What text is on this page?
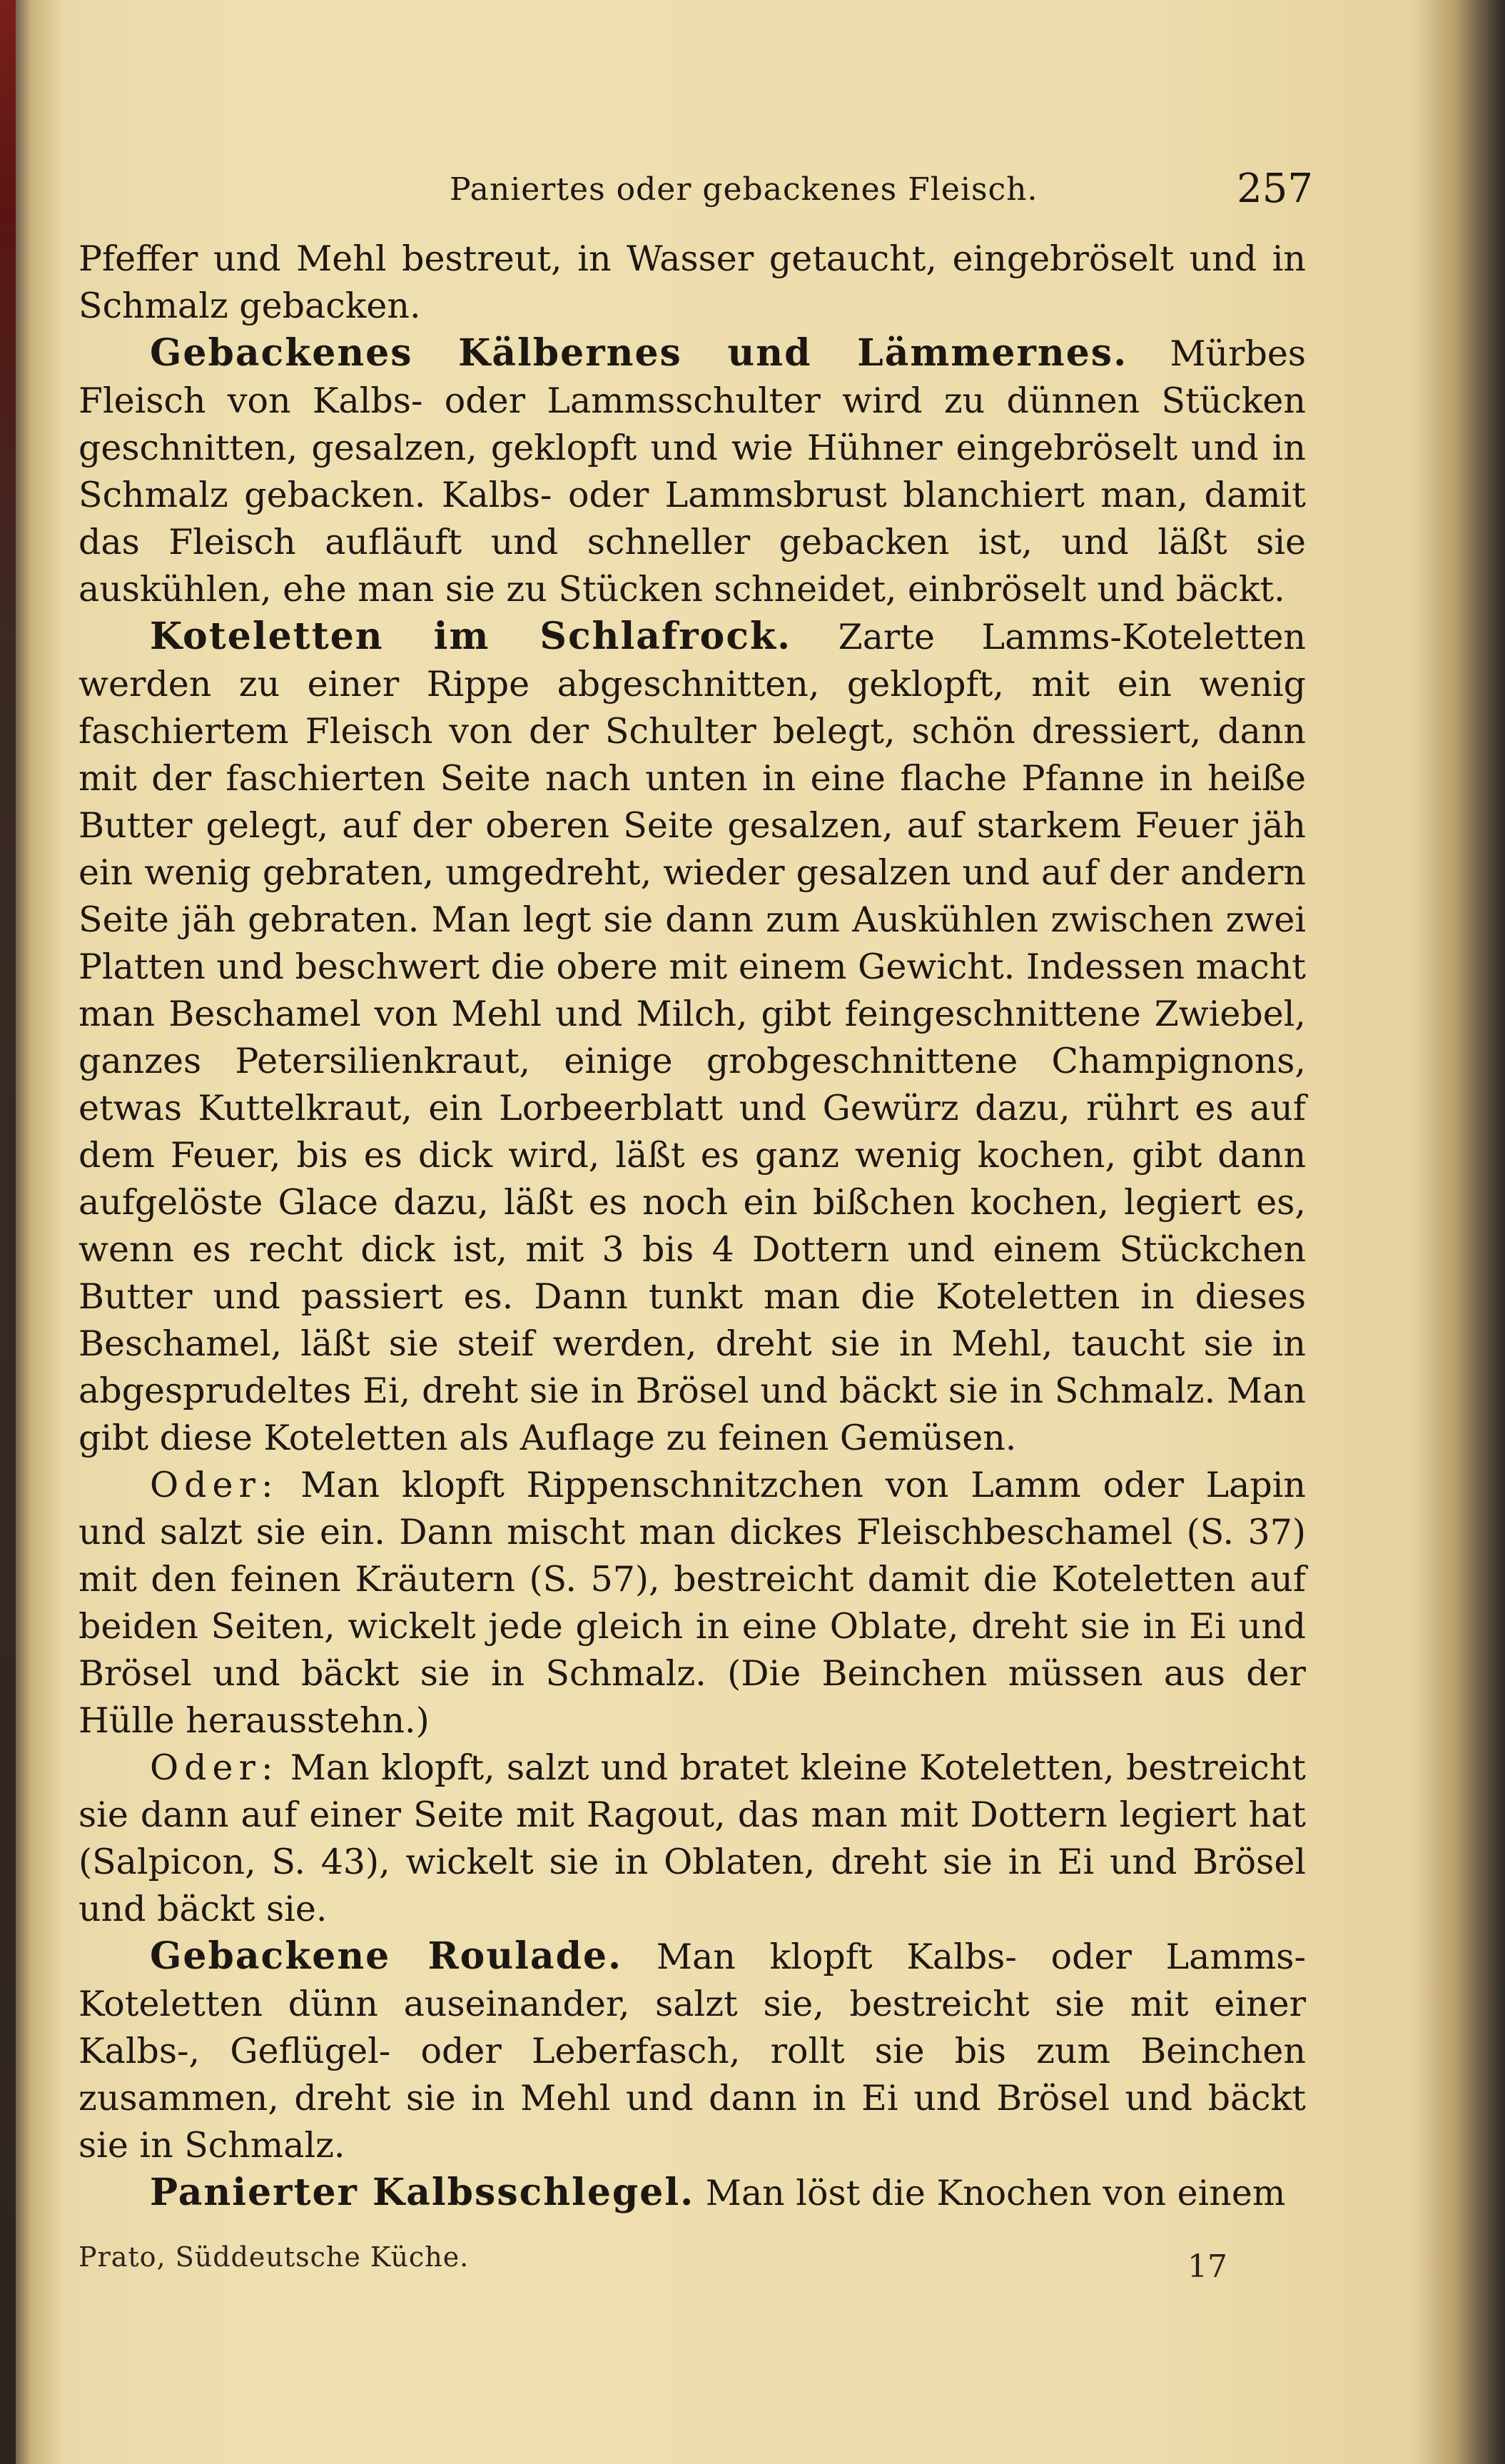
Paniertes oder gebackenes Fleisch.	257

Pfeffer und Mehl bestreut, in Wasser getaucht, eingebröselt und in Schmalz gebacken.

Gebackenes Kälbernes und Lämmernes. Mürbes Fleisch von Kalbs- oder Lammsschulter wird zu dünnen Stücken geschnitten, gesalzen, geklopft und wie Hühner eingebröselt und in Schmalz gebacken. Kalbs- oder Lammsbrust blanchiert man, damit das Fleisch aufläuft und schneller gebacken ist, und läßt sie auskühlen, ehe man sie zu Stücken schneidet, einbröselt und bäckt.

Koteletten im Schlafrock. Zarte Lamms-Koteletten werden zu einer Rippe abgeschnitten, geklopft, mit ein wenig faschiertem Fleisch von der Schulter belegt, schön dressiert, dann mit der faschierten Seite nach unten in eine flache Pfanne in heiße Butter gelegt, auf der oberen Seite gesalzen, auf starkem Feuer jäh ein wenig gebraten, umgedreht, wieder gesalzen und auf der andern Seite jäh gebraten. Man legt sie dann zum Auskühlen zwischen zwei Platten und beschwert die obere mit einem Gewicht. Indessen macht man Beschamel von Mehl und Milch, gibt feingeschnittene Zwiebel, ganzes Petersilienkraut, einige grobgeschnittene Champignons, etwas Kuttelkraut, ein Lorbeerblatt und Gewürz dazu, rührt es auf dem Feuer, bis es dick wird, läßt es ganz wenig kochen, gibt dann aufgelöste Glace dazu, läßt es noch ein bißchen kochen, legiert es, wenn es recht dick ist, mit 3 bis 4 Dottern und einem Stückchen Butter und passiert es. Dann tunkt man die Koteletten in dieses Beschamel, läßt sie steif werden, dreht sie in Mehl, taucht sie in abgesprudeltes Ei, dreht sie in Brösel und bäckt sie in Schmalz. Man gibt diese Koteletten als Auflage zu feinen Gemüsen.

Oder: Man klopft Rippenschnitzchen von Lamm oder Lapin und salzt sie ein. Dann mischt man dickes Fleischbeschamel (S. 37) mit den feinen Kräutern (S. 57), bestreicht damit die Koteletten auf beiden Seiten, wickelt jede gleich in eine Oblate, dreht sie in Ei und Brösel und bäckt sie in Schmalz. (Die Beinchen müssen aus der Hülle herausstehn.)

Oder: Man klopft, salzt und bratet kleine Koteletten, bestreicht sie dann auf einer Seite mit Ragout, das man mit Dottern legiert hat (Salpicon, S. 43), wickelt sie in Oblaten, dreht sie in Ei und Brösel und bäckt sie.

Gebackene Roulade. Man klopft Kalbs- oder Lamms-Koteletten dünn auseinander, salzt sie, bestreicht sie mit einer Kalbs-, Geflügel- oder Leberfasch, rollt sie bis zum Beinchen zusammen, dreht sie in Mehl und dann in Ei und Brösel und bäckt sie in Schmalz.

Panierter Kalbsschlegel. Man löst die Knochen von einem

Prato, Süddeutsche Küche.	17
